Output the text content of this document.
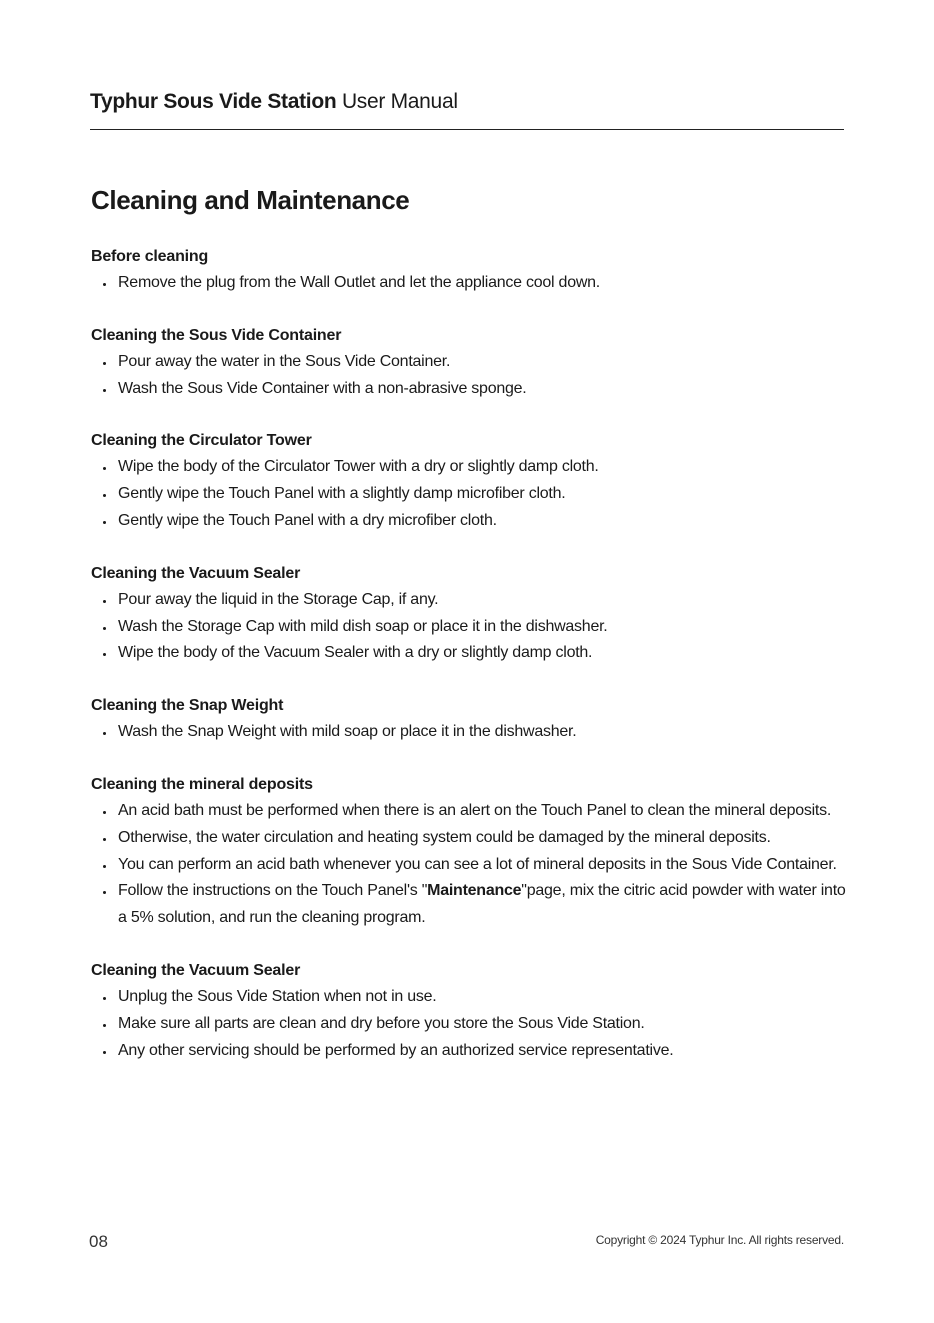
Typhur Sous Vide Station User Manual
Cleaning and Maintenance
Before cleaning
Remove the plug from the Wall Outlet and let the appliance cool down.
Cleaning the Sous Vide Container
Pour away the water in the Sous Vide Container.
Wash the Sous Vide Container with a non-abrasive sponge.
Cleaning the Circulator Tower
Wipe the body of the Circulator Tower with a dry or slightly damp cloth.
Gently wipe the Touch Panel with a slightly damp microfiber cloth.
Gently wipe the Touch Panel with a dry microfiber cloth.
Cleaning the Vacuum Sealer
Pour away the liquid in the Storage Cap, if any.
Wash the Storage Cap with mild dish soap or place it in the dishwasher.
Wipe the body of the Vacuum Sealer with a dry or slightly damp cloth.
Cleaning the Snap Weight
Wash the Snap Weight with mild soap or place it in the dishwasher.
Cleaning the mineral deposits
An acid bath must be performed when there is an alert on the Touch Panel to clean the mineral deposits.
Otherwise, the water circulation and heating system could be damaged by the mineral deposits.
You can perform an acid bath whenever you can see a lot of mineral deposits in the Sous Vide Container.
Follow the instructions on the Touch Panel's "Maintenance"page, mix the citric acid powder with water into a 5% solution, and run the cleaning program.
Cleaning the Vacuum Sealer
Unplug the Sous Vide Station when not in use.
Make sure all parts are clean and dry before you store the Sous Vide Station.
Any other servicing should be performed by an authorized service representative.
08	Copyright © 2024 Typhur Inc. All rights reserved.
